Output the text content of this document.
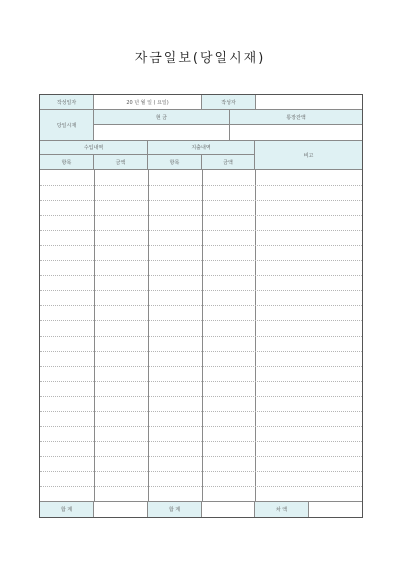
자금일보(당일시재)
작성일자	20 년 월 일 ( 요일)	작성자
당일시재
현 금	통장잔액
수입내역	지출내역
비고
항목	금액	항목	금액
합 계	합 계	차 액
